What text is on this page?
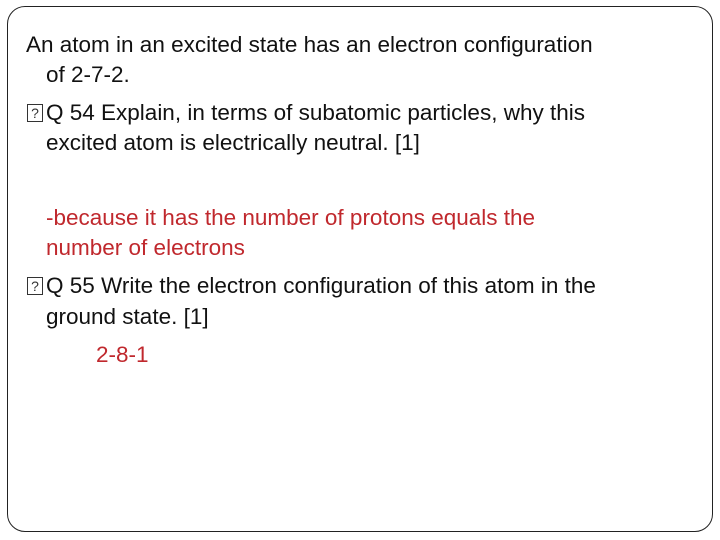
An atom in an excited state has an electron configuration
of 2-7-2.
?Q 54 Explain, in terms of subatomic particles, why this
excited atom is electrically neutral. [1]
-because it has the number of protons equals the
number of electrons
?Q 55 Write the electron configuration of this atom in the
ground state. [1]
2-8-1
